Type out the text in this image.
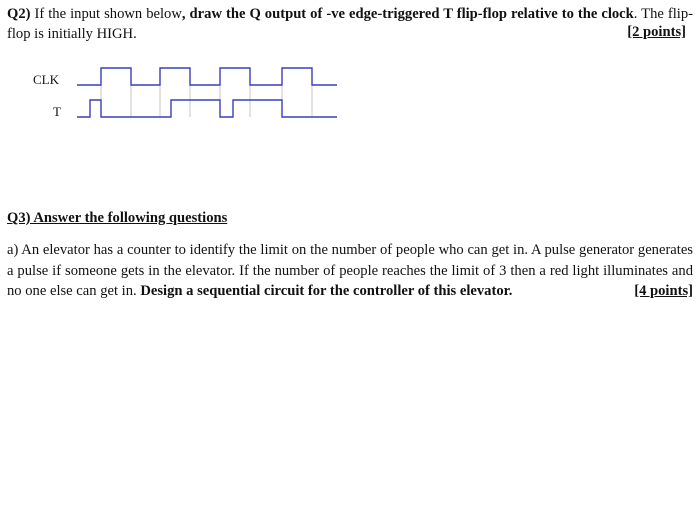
Q2) If the input shown below, draw the Q output of -ve edge-triggered T flip-flop relative to the clock. The flip-flop is initially HIGH.	[2 points]
CLK
T
Q3) Answer the following questions
a) An elevator has a counter to identify the limit on the number of people who can get in. A pulse generator generates a pulse if someone gets in the elevator. If the number of people reaches the limit of 3 then a red light illuminates and no one else can get in. Design a sequential circuit for the controller of this elevator.	[4 points]
